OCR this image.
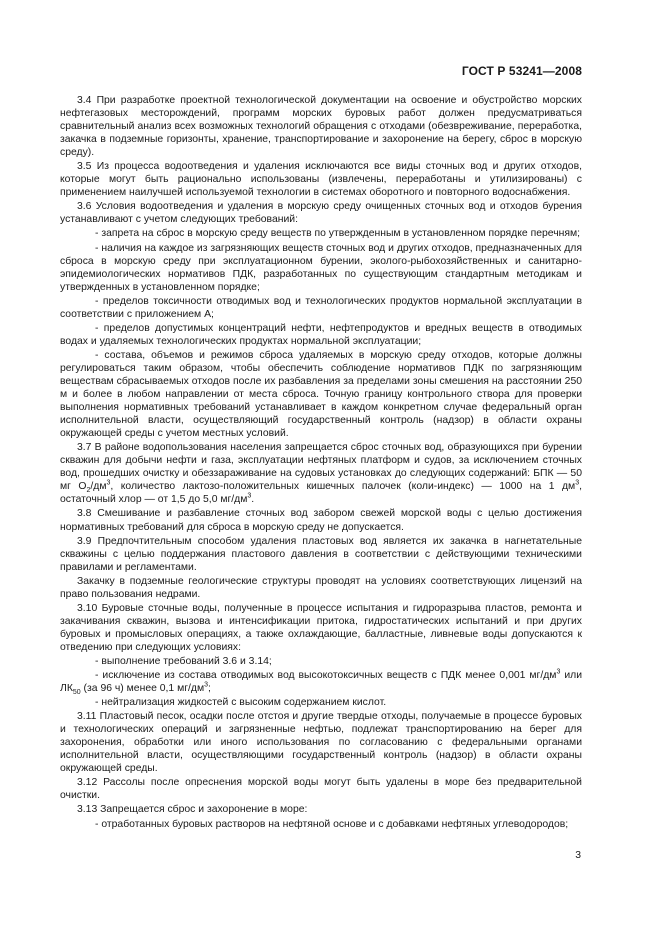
ГОСТ Р 53241—2008

3.4 При разработке проектной технологической документации на освоение и обустройство морских нефтегазовых месторождений, программ морских буровых работ должен предусматриваться сравнительный анализ всех возможных технологий обращения с отходами (обезвреживание, переработка, закачка в подземные горизонты, хранение, транспортирование и захоронение на берегу, сброс в морскую среду).

3.5 Из процесса водоотведения и удаления исключаются все виды сточных вод и других отходов, которые могут быть рационально использованы (извлечены, переработаны и утилизированы) с применением наилучшей используемой технологии в системах оборотного и повторного водоснабжения.

3.6 Условия водоотведения и удаления в морскую среду очищенных сточных вод и отходов бурения устанавливают с учетом следующих требований:

- запрета на сброс в морскую среду веществ по утвержденным в установленном порядке перечням;

- наличия на каждое из загрязняющих веществ сточных вод и других отходов, предназначенных для сброса в морскую среду при эксплуатационном бурении, эколого-рыбохозяйственных и санитарно-эпидемиологических нормативов ПДК, разработанных по существующим стандартным методикам и утвержденных в установленном порядке;

- пределов токсичности отводимых вод и технологических продуктов нормальной эксплуатации в соответствии с приложением А;

- пределов допустимых концентраций нефти, нефтепродуктов и вредных веществ в отводимых водах и удаляемых технологических продуктах нормальной эксплуатации;

- состава, объемов и режимов сброса удаляемых в морскую среду отходов, которые должны регулироваться таким образом, чтобы обеспечить соблюдение нормативов ПДК по загрязняющим веществам сбрасываемых отходов после их разбавления за пределами зоны смешения на расстоянии 250 м и более в любом направлении от места сброса. Точную границу контрольного створа для проверки выполнения нормативных требований устанавливает в каждом конкретном случае федеральный орган исполнительной власти, осуществляющий государственный контроль (надзор) в области охраны окружающей среды с учетом местных условий.

3.7 В районе водопользования населения запрещается сброс сточных вод, образующихся при бурении скважин для добычи нефти и газа, эксплуатации нефтяных платформ и судов, за исключением сточных вод, прошедших очистку и обеззараживание на судовых установках до следующих содержаний: БПК — 50 мг $O_2/дм^3$, количество лактозо-положительных кишечных палочек (коли-индекс) — 1000 на 1 $дм^3$, остаточный хлор — от 1,5 до 5,0 $мг/дм^3$.

3.8 Смешивание и разбавление сточных вод забором свежей морской воды с целью достижения нормативных требований для сброса в морскую среду не допускается.

3.9 Предпочтительным способом удаления пластовых вод является их закачка в нагнетательные скважины с целью поддержания пластового давления в соответствии с действующими техническими правилами и регламентами.

Закачку в подземные геологические структуры проводят на условиях соответствующих лицензий на право пользования недрами.

3.10 Буровые сточные воды, полученные в процессе испытания и гидроразрыва пластов, ремонта и закачивания скважин, вызова и интенсификации притока, гидростатических испытаний и при других буровых и промысловых операциях, а также охлаждающие, балластные, ливневые воды допускаются к отведению при следующих условиях:

- выполнение требований 3.6 и 3.14;

- исключение из состава отводимых вод высокотоксичных веществ с ПДК менее 0,001 $мг/дм^3$ или $ЛК_{50}$ (за 96 ч) менее 0,1 $мг/дм^3$;

- нейтрализация жидкостей с высоким содержанием кислот.

3.11 Пластовый песок, осадки после отстоя и другие твердые отходы, получаемые в процессе буровых и технологических операций и загрязненные нефтью, подлежат транспортированию на берег для захоронения, обработки или иного использования по согласованию с федеральными органами исполнительной власти, осуществляющими государственный контроль (надзор) в области охраны окружающей среды.

3.12 Рассолы после опреснения морской воды могут быть удалены в море без предварительной очистки.

3.13 Запрещается сброс и захоронение в море:

- отработанных буровых растворов на нефтяной основе и с добавками нефтяных углеводородов;

3
